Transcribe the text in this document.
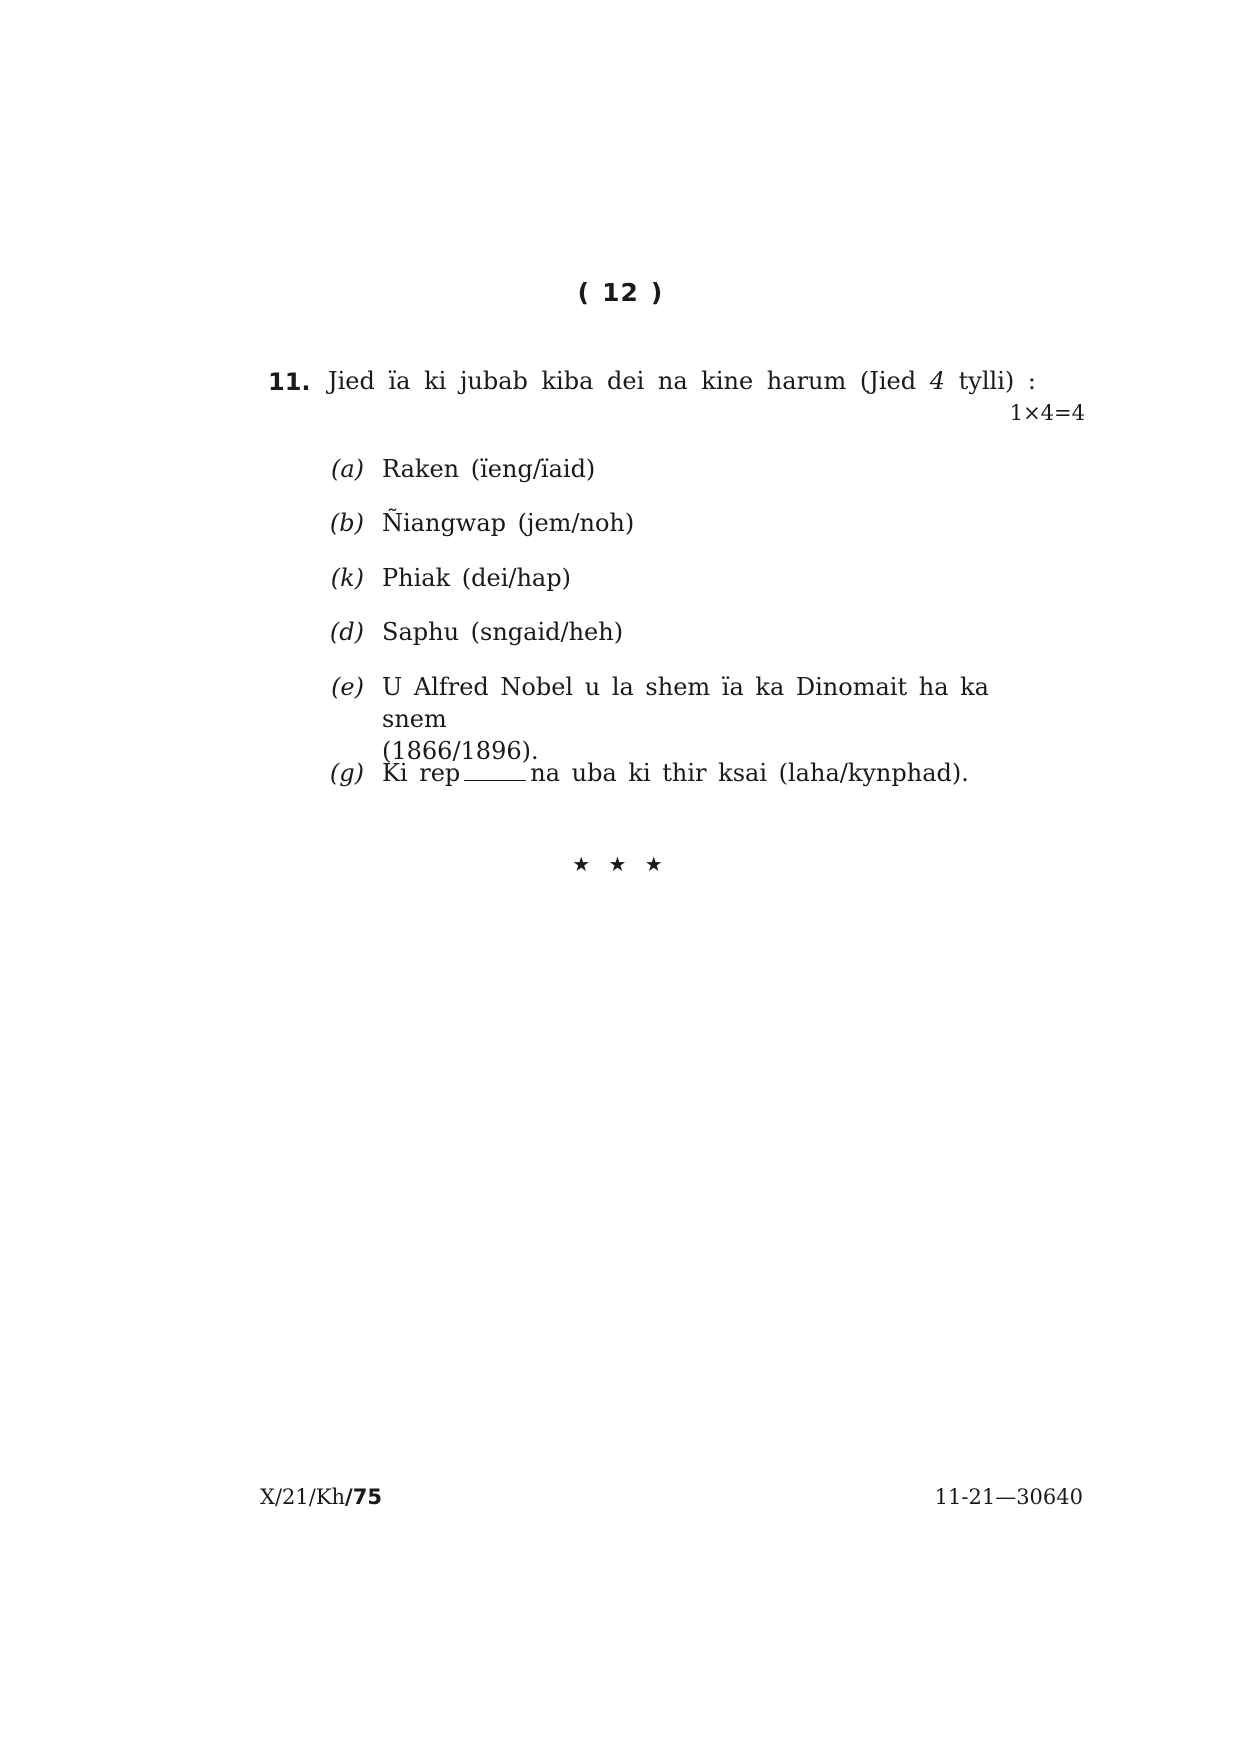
( 12 )
11. Jied ïa ki jubab kiba dei na kine harum (Jied 4 tylli) :
1×4=4
(a) Raken (ïeng/ïaid)
(b) Ñiangwap (jem/noh)
(k) Phiak (dei/hap)
(d) Saphu (sngaid/heh)
(e) U Alfred Nobel u la shem ïa ka Dinomait ha ka snem
(1866/1896).
(g) Ki rep	na uba ki thir ksai (laha/kynphad).
★ ★ ★
X/21/Kh/75	11-21—30640
